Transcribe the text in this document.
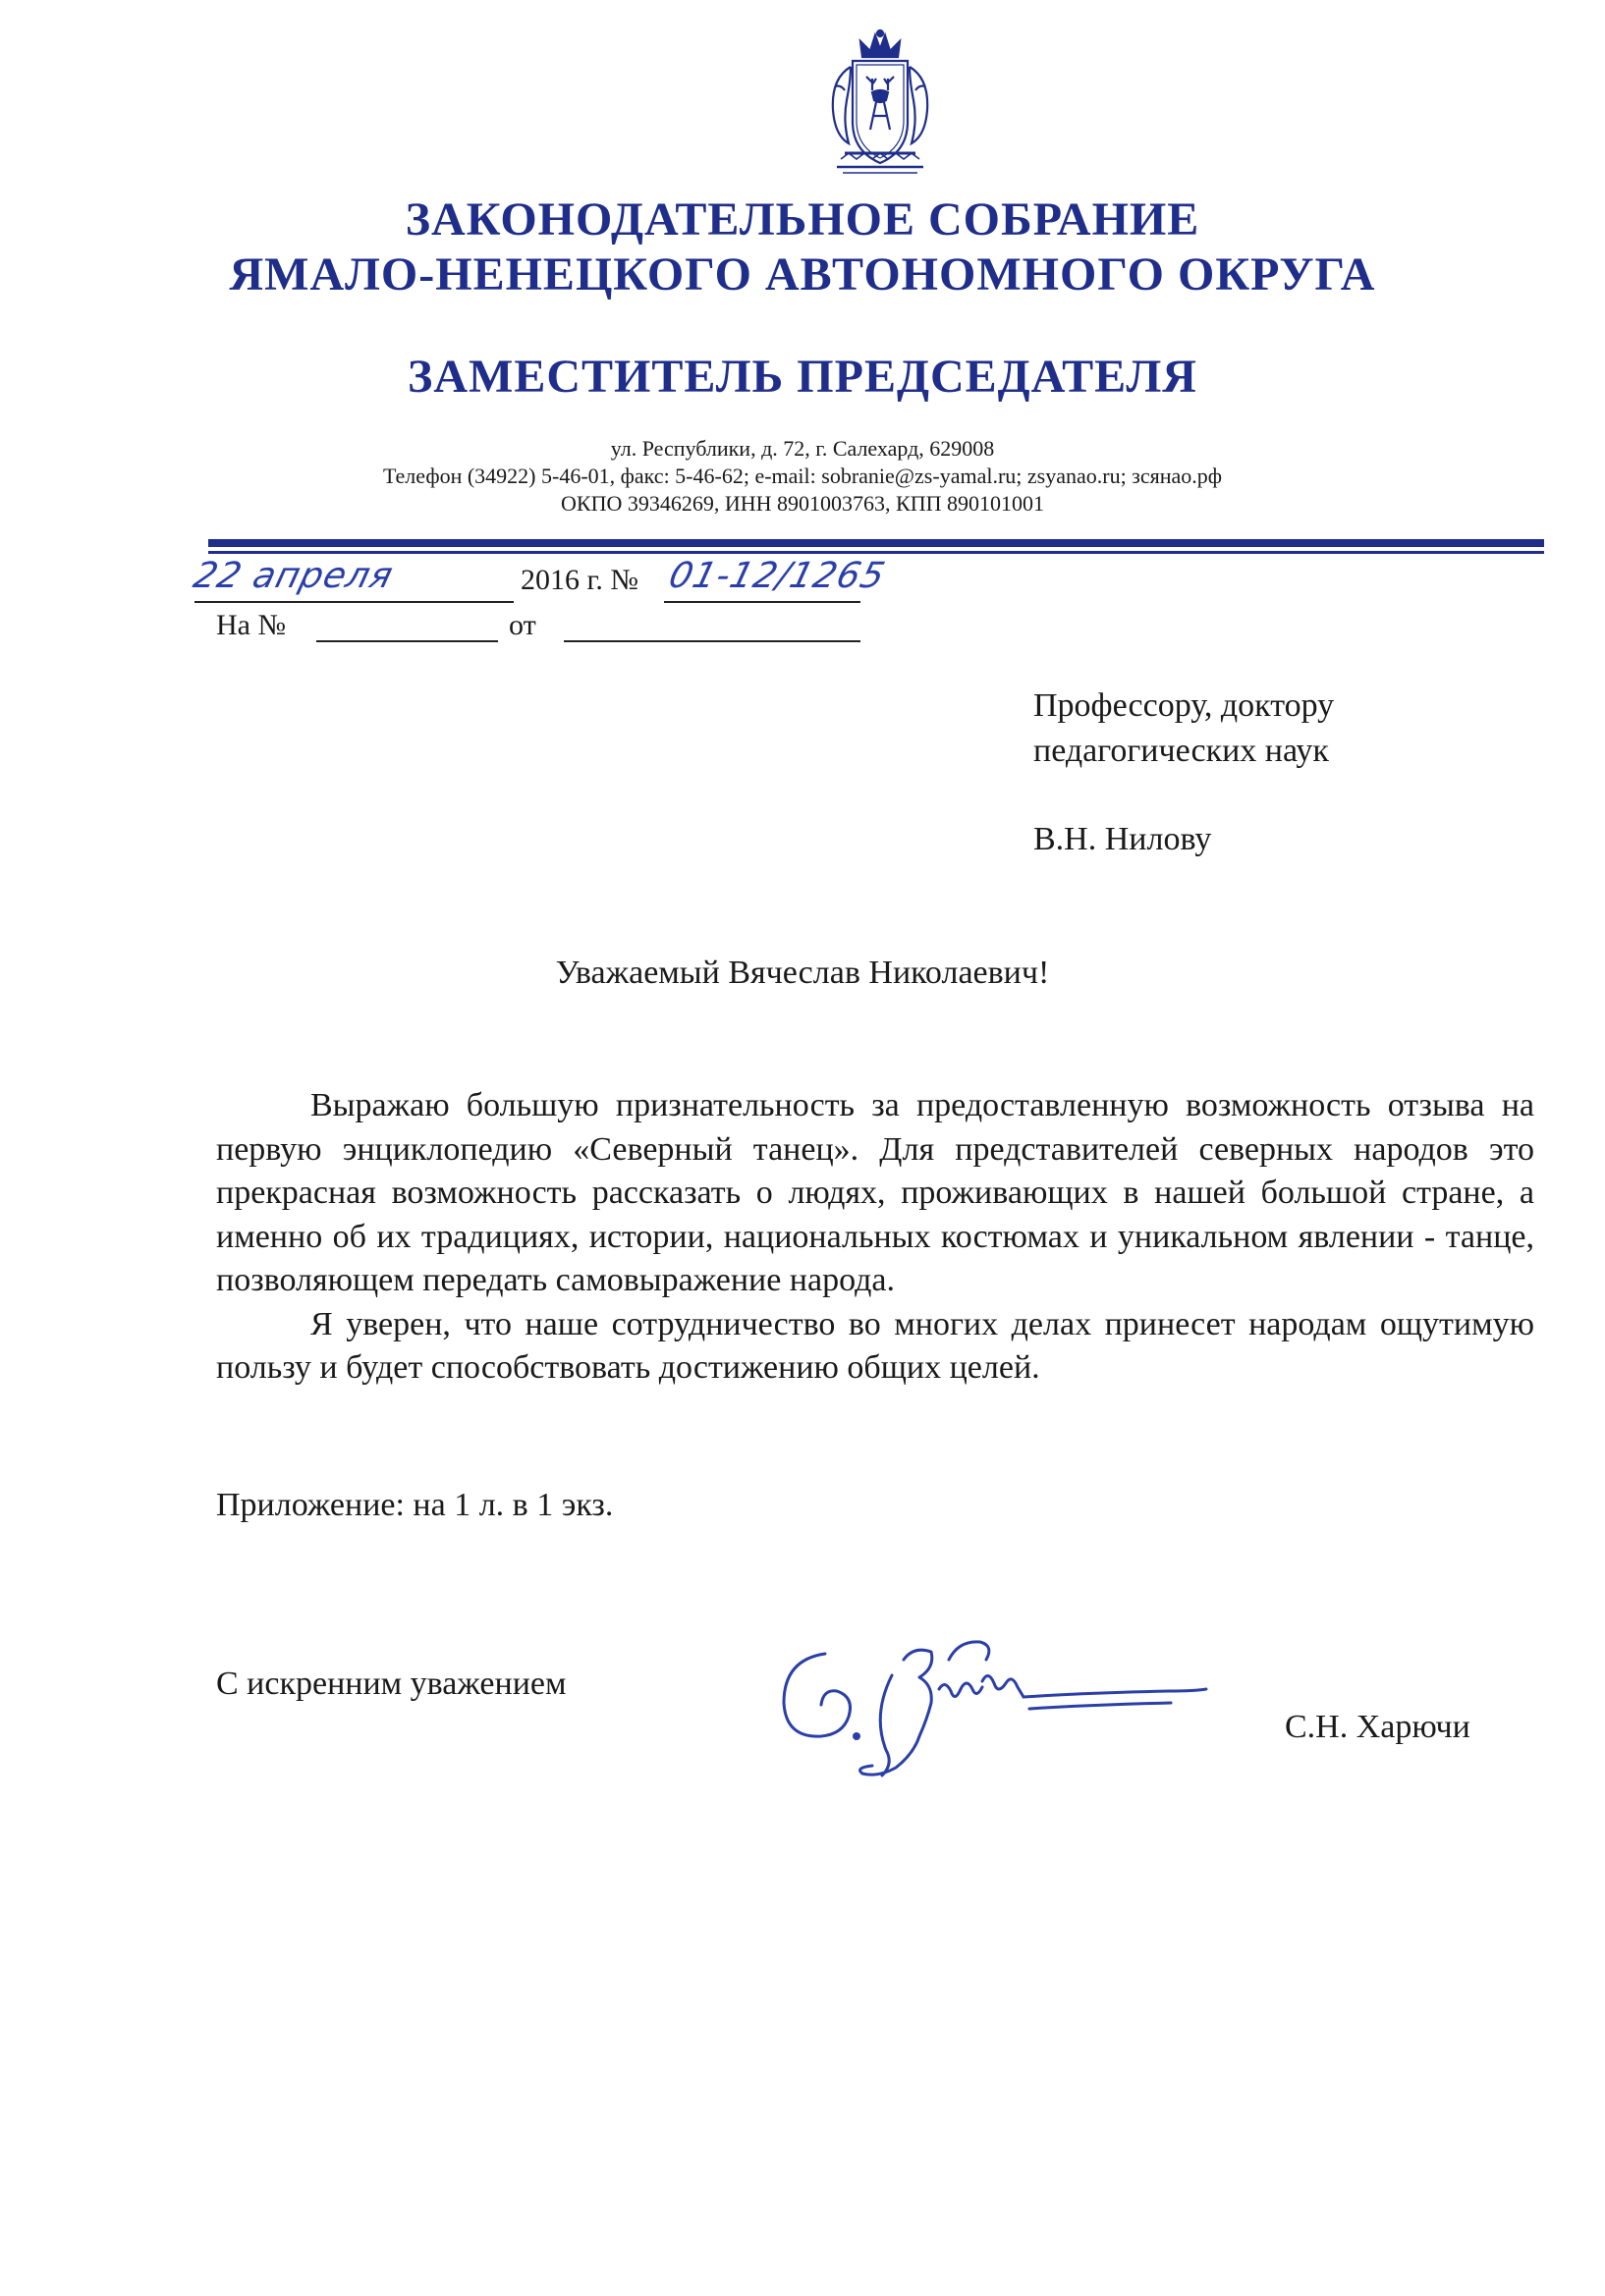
ЗАКОНОДАТЕЛЬНОЕ СОБРАНИЕ
ЯМАЛО-НЕНЕЦКОГО АВТОНОМНОГО ОКРУГА
ЗАМЕСТИТЕЛЬ ПРЕДСЕДАТЕЛЯ
ул. Республики, д. 72, г. Салехард, 629008
Телефон (34922) 5-46-01, факс: 5-46-62; e-mail: sobranie@zs-yamal.ru; zsyanao.ru; зсянао.рф
ОКПО 39346269, ИНН 8901003763, КПП 890101001
22 апреля	2016 г. № 01-12/1265
На №	от
Профессору, доктору
педагогических наук
В.Н. Нилову
Уважаемый Вячеслав Николаевич!

Выражаю большую признательность за предоставленную возможность отзыва на первую энциклопедию «Северный танец». Для представителей северных народов это прекрасная возможность рассказать о людях, проживающих в нашей большой стране, а именно об их традициях, истории, национальных костюмах и уникальном явлении - танце, позволяющем передать самовыражение народа.

Я уверен, что наше сотрудничество во многих делах принесет народам ощутимую пользу и будет способствовать достижению общих целей.

Приложение: на 1 л. в 1 экз.
С искренним уважением
С.Н. Харючи
